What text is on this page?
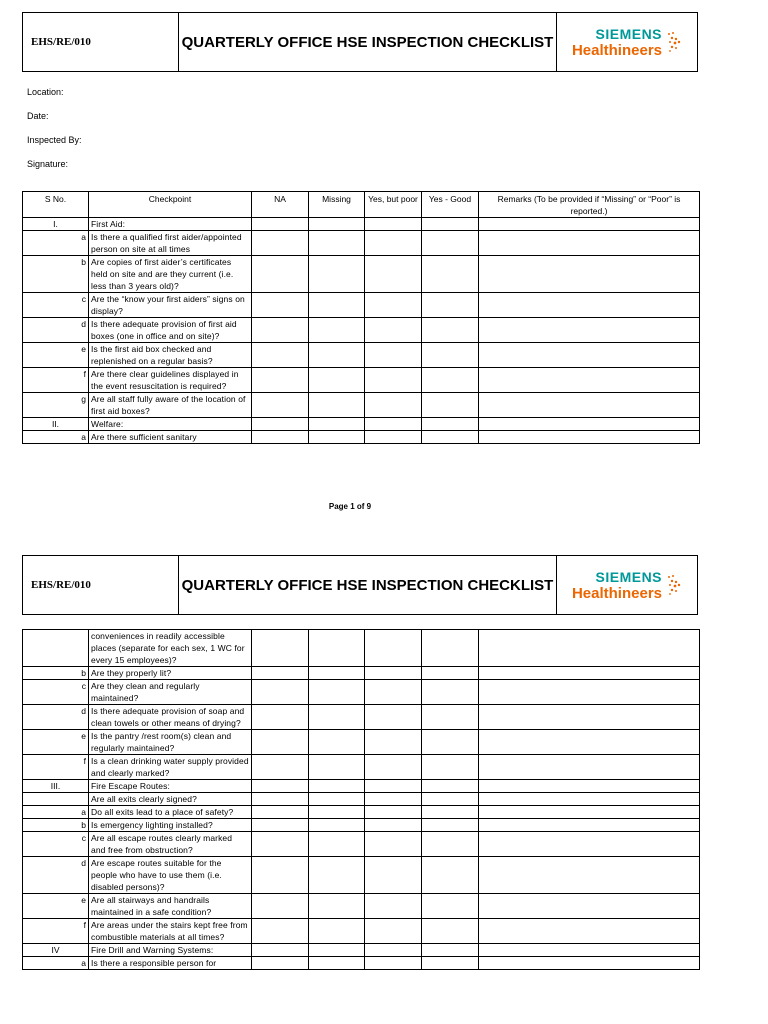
EHS/RE/010	QUARTERLY OFFICE HSE INSPECTION CHECKLIST	SIEMENS
Healthineers
Location:
Date:
Inspected By:
Signature:
S No.	Checkpoint	NA	Missing	Yes, but poor	Yes - Good	Remarks (To be provided if “Missing” or “Poor” is reported.)
I.	First Aid:					
a	Is there a qualified first aider/appointed person on site at all times					
b	Are copies of first aider’s certificates held on site and are they current (i.e. less than 3 years old)?					
c	Are the “know your first aiders” signs on display?					
d	Is there adequate provision of first aid boxes (one in office and on site)?					
e	Is the first aid box checked and replenished on a regular basis?					
f	Are there clear guidelines displayed in the event resuscitation is required?					
g	Are all staff fully aware of the location of first aid boxes?					
II.	Welfare:					
a	Are there sufficient sanitary					
Page 1 of 9
EHS/RE/010	QUARTERLY OFFICE HSE INSPECTION CHECKLIST	SIEMENS
Healthineers
	conveniences in readily accessible places (separate for each sex, 1 WC for every 15 employees)?					
b	Are they properly lit?					
c	Are they clean and regularly maintained?					
d	Is there adequate provision of soap and clean towels or other means of drying?					
e	Is the pantry /rest room(s) clean and regularly maintained?					
f	Is a clean drinking water supply provided and clearly marked?					
III.	Fire Escape Routes:					
	Are all exits clearly signed?					
a	Do all exits lead to a place of safety?					
b	Is emergency lighting installed?					
c	Are all escape routes clearly marked and free from obstruction?					
d	Are escape routes suitable for the people who have to use them (i.e. disabled persons)?					
e	Are all stairways and handrails maintained in a safe condition?					
f	Are areas under the stairs kept free from combustible materials at all times?					
IV	Fire Drill and Warning Systems:					
a	Is there a responsible person for					
